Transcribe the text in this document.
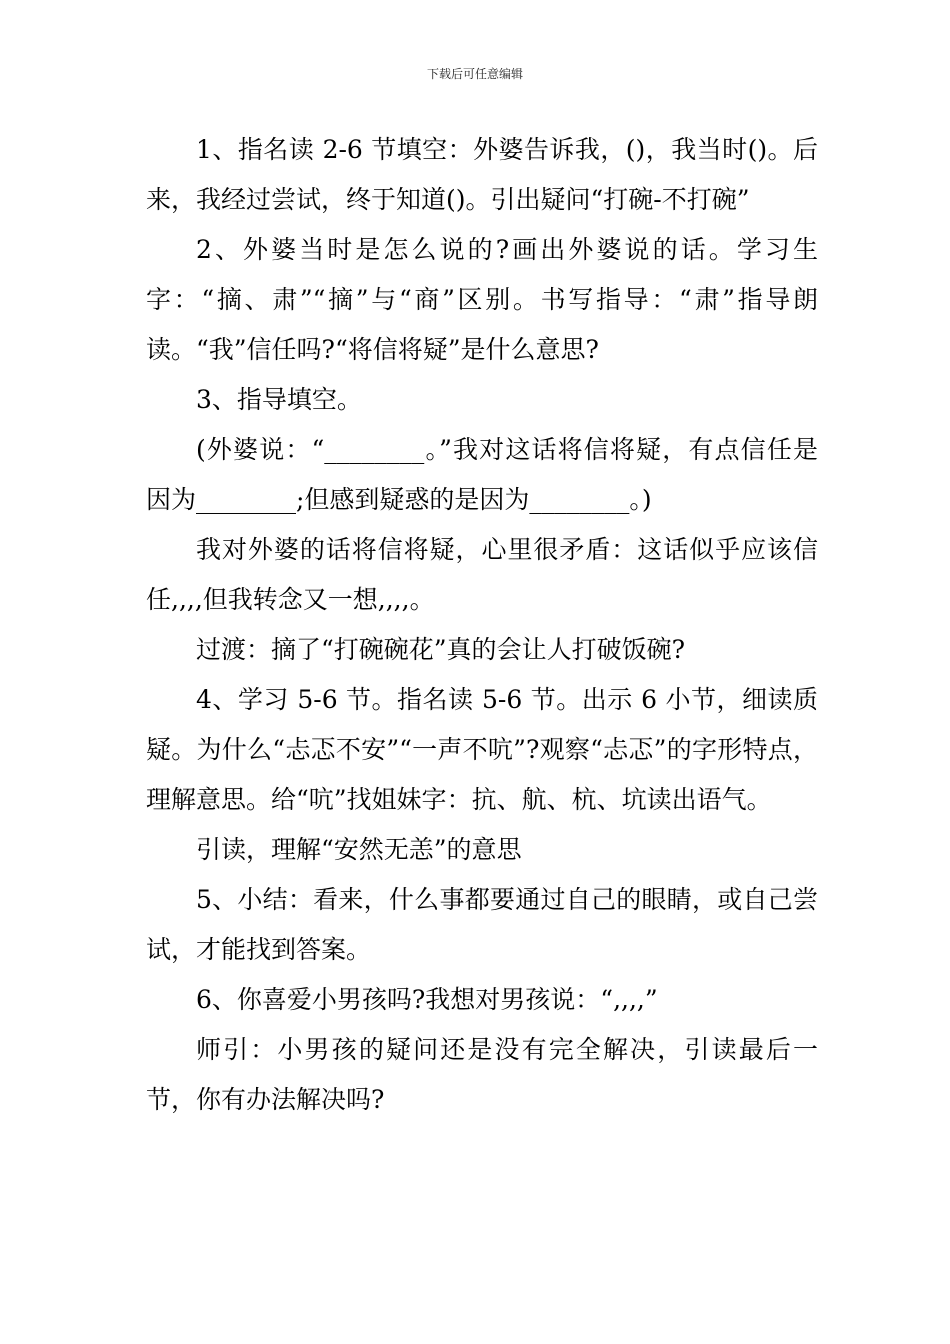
下载后可任意编辑

1、指名读 2-6 节填空：外婆告诉我，()，我当时()。后来，我经过尝试，终于知道()。引出疑问“打碗-不打碗”

2、外婆当时是怎么说的?画出外婆说的话。学习生字：“摘、肃”“摘”与“商”区别。书写指导：“肃”指导朗读。“我”信任吗?“将信将疑”是什么意思?

3、指导填空。

(外婆说：“________。”我对这话将信将疑，有点信任是因为________;但感到疑惑的是因为________。)

我对外婆的话将信将疑，心里很矛盾：这话似乎应该信任,,,,但我转念又一想,,,,。

过渡：摘了“打碗碗花”真的会让人打破饭碗?

4、学习 5-6 节。指名读 5-6 节。出示 6 小节，细读质疑。为什么“忐忑不安”“一声不吭”?观察“忐忑”的字形特点，理解意思。给“吭”找姐妹字：抗、航、杭、坑读出语气。

引读，理解“安然无恙”的意思

5、小结：看来，什么事都要通过自己的眼睛，或自己尝试，才能找到答案。

6、你喜爱小男孩吗?我想对男孩说：“,,,,”

师引：小男孩的疑问还是没有完全解决，引读最后一节，你有办法解决吗?
